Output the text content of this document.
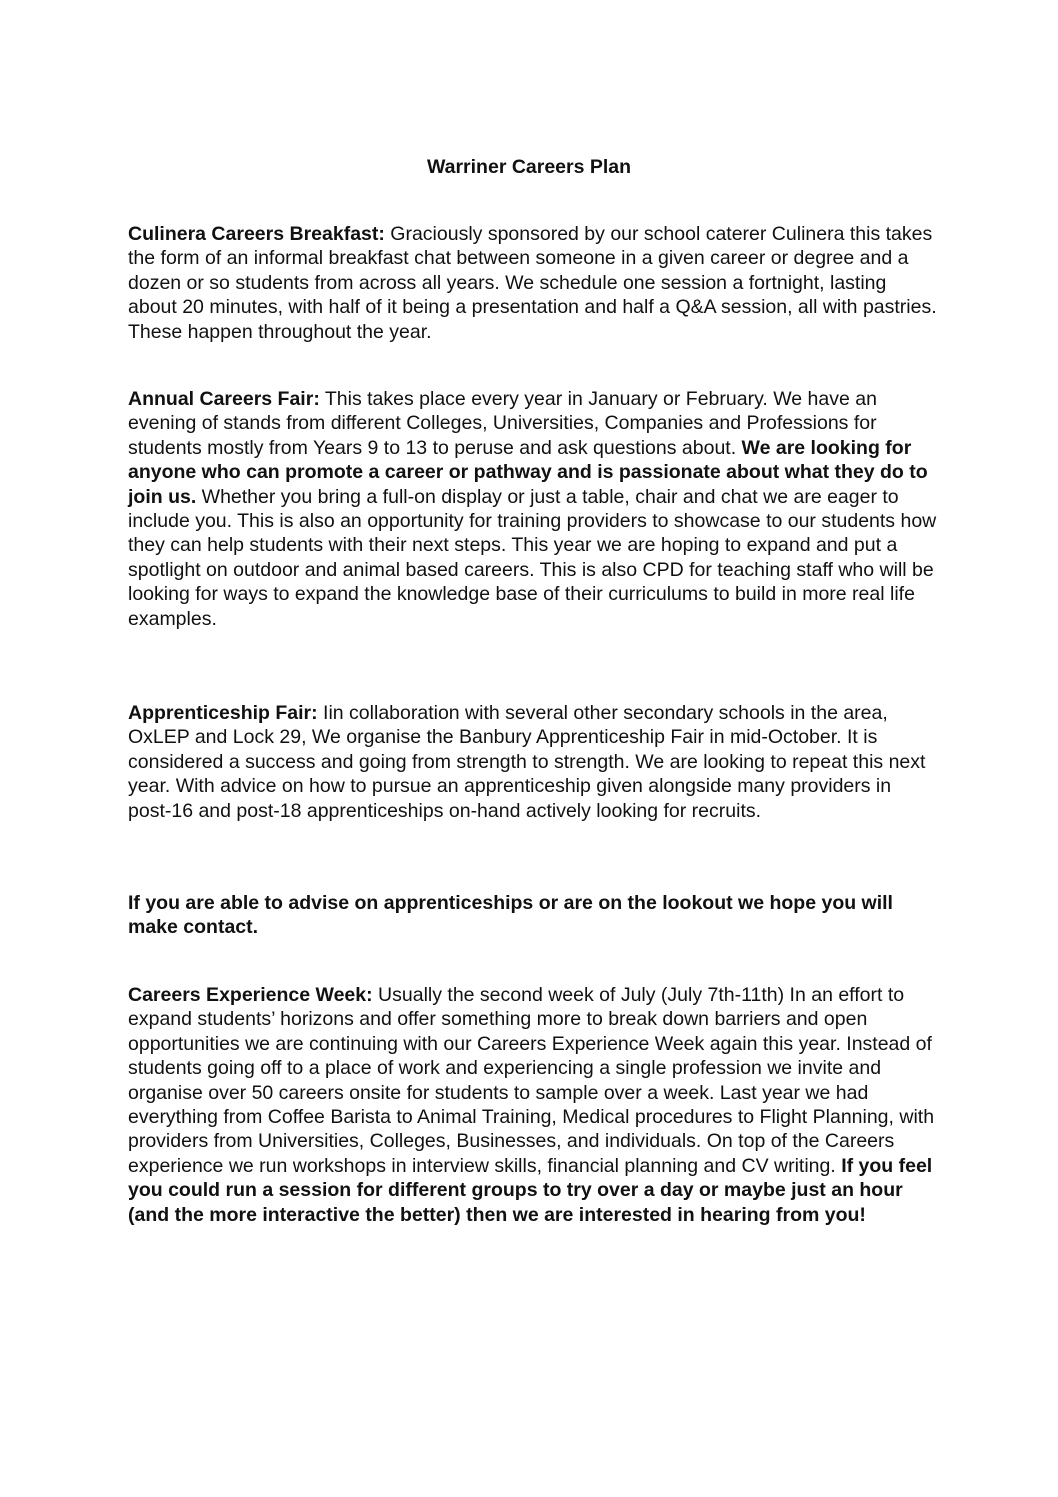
Warriner Careers Plan

Culinera Careers Breakfast: Graciously sponsored by our school caterer Culinera this takes the form of an informal breakfast chat between someone in a given career or degree and a dozen or so students from across all years. We schedule one session a fortnight, lasting about 20 minutes, with half of it being a presentation and half a Q&A session, all with pastries. These happen throughout the year.

Annual Careers Fair: This takes place every year in January or February. We have an evening of stands from different Colleges, Universities, Companies and Professions for students mostly from Years 9 to 13 to peruse and ask questions about. We are looking for anyone who can promote a career or pathway and is passionate about what they do to join us. Whether you bring a full-on display or just a table, chair and chat we are eager to include you. This is also an opportunity for training providers to showcase to our students how they can help students with their next steps. This year we are hoping to expand and put a spotlight on outdoor and animal based careers. This is also CPD for teaching staff who will be looking for ways to expand the knowledge base of their curriculums to build in more real life examples.

Apprenticeship Fair: Iin collaboration with several other secondary schools in the area, OxLEP and Lock 29, We organise the Banbury Apprenticeship Fair in mid-October. It is considered a success and going from strength to strength. We are looking to repeat this next year. With advice on how to pursue an apprenticeship given alongside many providers in post-16 and post-18 apprenticeships on-hand actively looking for recruits.

If you are able to advise on apprenticeships or are on the lookout we hope you will make contact.

Careers Experience Week: Usually the second week of July (July 7th-11th) In an effort to expand students’ horizons and offer something more to break down barriers and open opportunities we are continuing with our Careers Experience Week again this year. Instead of students going off to a place of work and experiencing a single profession we invite and organise over 50 careers onsite for students to sample over a week. Last year we had everything from Coffee Barista to Animal Training, Medical procedures to Flight Planning, with providers from Universities, Colleges, Businesses, and individuals. On top of the Careers experience we run workshops in interview skills, financial planning and CV writing. If you feel you could run a session for different groups to try over a day or maybe just an hour (and the more interactive the better) then we are interested in hearing from you!
